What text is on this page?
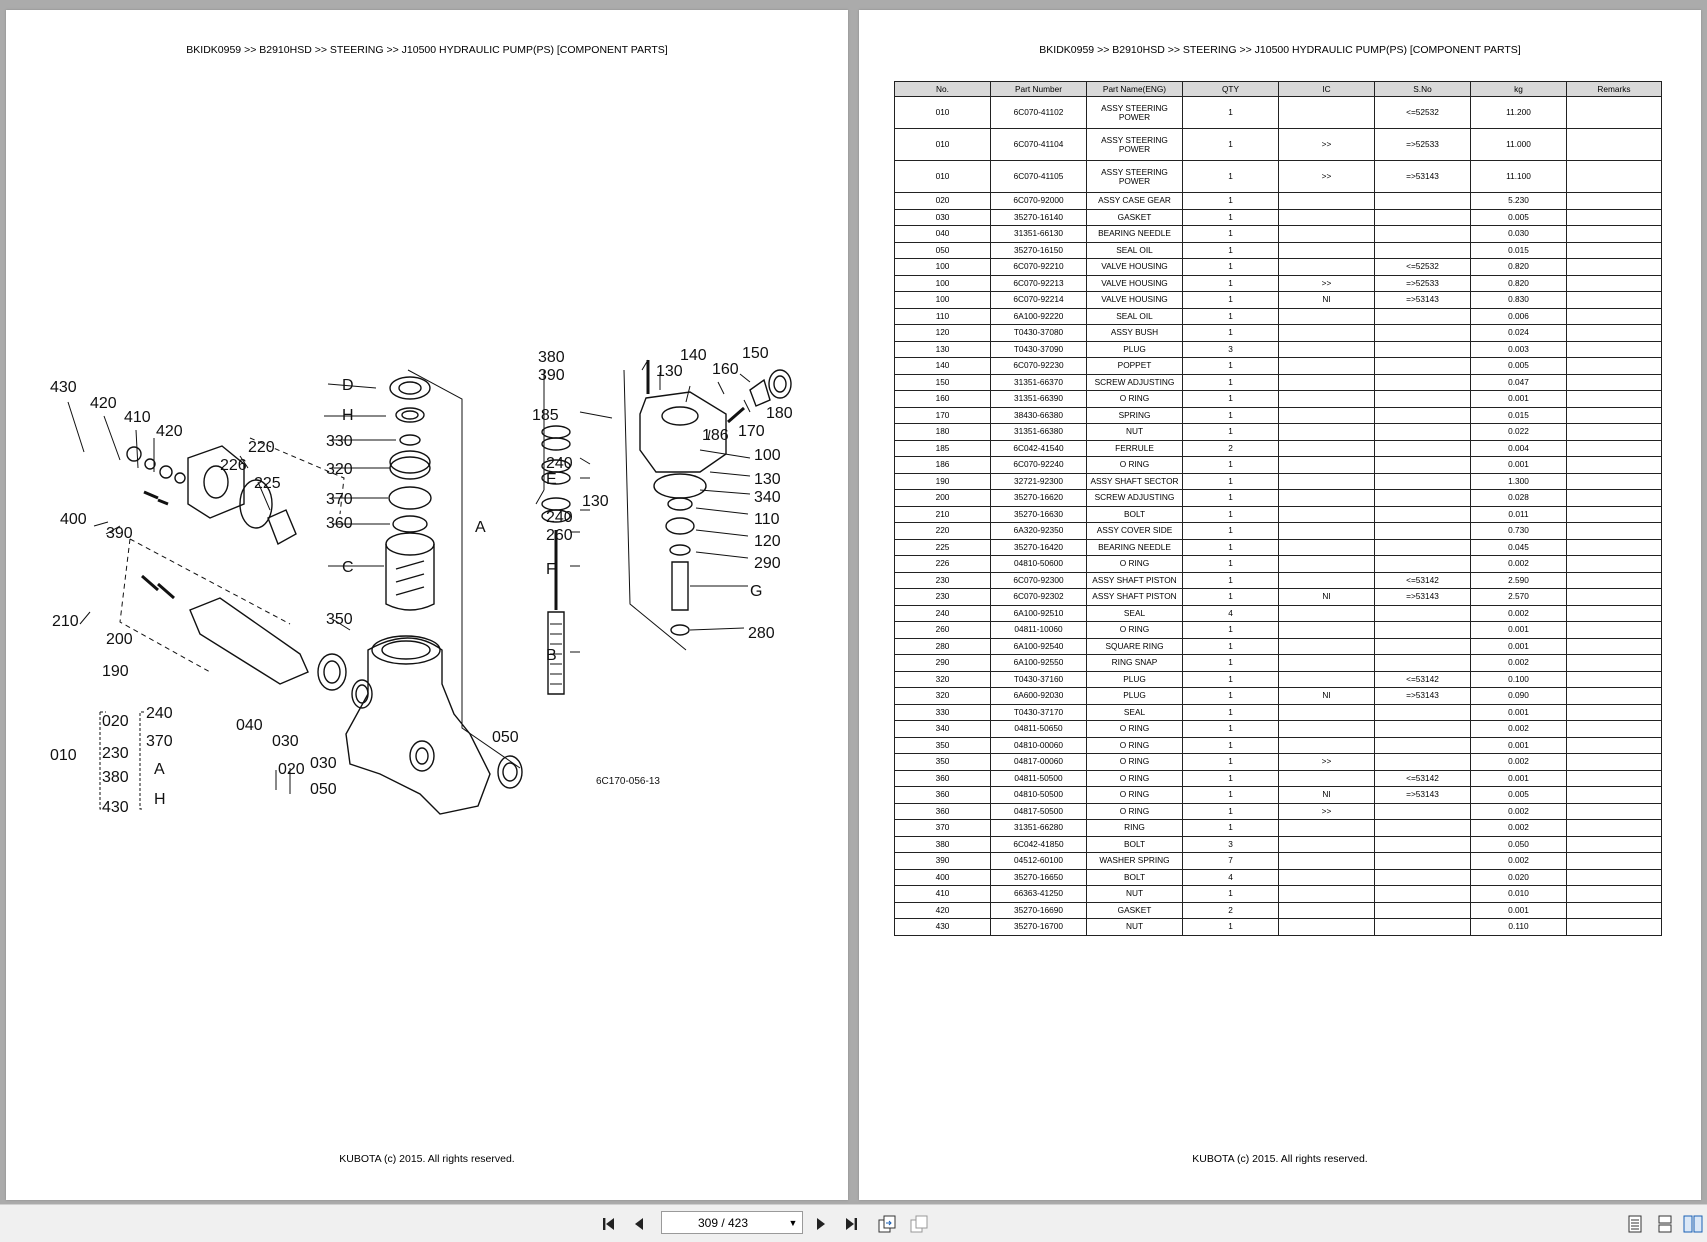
BKIDK0959 >> B2910HSD >> STEERING >> J10500 HYDRAULIC PUMP(PS) [COMPONENT PARTS]
380
390	130
140
160
150
180
185
170
186
100
130
340
110
120
290
G
280
240
E
240
260
F
B
A
130
D
H
330
320
370
360
C
350
430
420
410
420
220
226
225
400
390
210
200
190
040
030	050
020 030
050
010
020
230
380
430
240
370
A
H
6C170-056-13
KUBOTA (c) 2015. All rights reserved.
BKIDK0959 >> B2910HSD >> STEERING >> J10500 HYDRAULIC PUMP(PS) [COMPONENT PARTS]
No.	Part Number	Part Name(ENG)	QTY	IC	S.No	kg	Remarks
010	6C070-41102	ASSY STEERING POWER	1		<=52532	11.200	
010	6C070-41104	ASSY STEERING POWER	1	>>	=>52533	11.000	
010	6C070-41105	ASSY STEERING POWER	1	>>	=>53143	11.100	
020	6C070-92000	ASSY CASE GEAR	1			5.230	
030	35270-16140	GASKET	1			0.005	
040	31351-66130	BEARING NEEDLE	1			0.030	
050	35270-16150	SEAL OIL	1			0.015	
100	6C070-92210	VALVE HOUSING	1		<=52532	0.820	
100	6C070-92213	VALVE HOUSING	1	>>	=>52533	0.820	
100	6C070-92214	VALVE HOUSING	1	NI	=>53143	0.830	
110	6A100-92220	SEAL OIL	1			0.006	
120	T0430-37080	ASSY BUSH	1			0.024	
130	T0430-37090	PLUG	3			0.003	
140	6C070-92230	POPPET	1			0.005	
150	31351-66370	SCREW ADJUSTING	1			0.047	
160	31351-66390	O RING	1			0.001	
170	38430-66380	SPRING	1			0.015	
180	31351-66380	NUT	1			0.022	
185	6C042-41540	FERRULE	2			0.004	
186	6C070-92240	O RING	1			0.001	
190	32721-92300	ASSY SHAFT SECTOR	1			1.300	
200	35270-16620	SCREW ADJUSTING	1			0.028	
210	35270-16630	BOLT	1			0.011	
220	6A320-92350	ASSY COVER SIDE	1			0.730	
225	35270-16420	BEARING NEEDLE	1			0.045	
226	04810-50600	O RING	1			0.002	
230	6C070-92300	ASSY SHAFT PISTON	1		<=53142	2.590	
230	6C070-92302	ASSY SHAFT PISTON	1	NI	=>53143	2.570	
240	6A100-92510	SEAL	4			0.002	
260	04811-10060	O RING	1			0.001	
280	6A100-92540	SQUARE RING	1			0.001	
290	6A100-92550	RING SNAP	1			0.002	
320	T0430-37160	PLUG	1		<=53142	0.100	
320	6A600-92030	PLUG	1	NI	=>53143	0.090	
330	T0430-37170	SEAL	1			0.001	
340	04811-50650	O RING	1			0.002	
350	04810-00060	O RING	1			0.001	
350	04817-00060	O RING	1	>>		0.002	
360	04811-50500	O RING	1		<=53142	0.001	
360	04810-50500	O RING	1	NI	=>53143	0.005	
360	04817-50500	O RING	1	>>		0.002	
370	31351-66280	RING	1			0.002	
380	6C042-41850	BOLT	3			0.050	
390	04512-60100	WASHER SPRING	7			0.002	
400	35270-16650	BOLT	4			0.020	
410	66363-41250	NUT	1			0.010	
420	35270-16690	GASKET	2			0.001	
430	35270-16700	NUT	1			0.110	
KUBOTA (c) 2015. All rights reserved.
309 / 423	▼
